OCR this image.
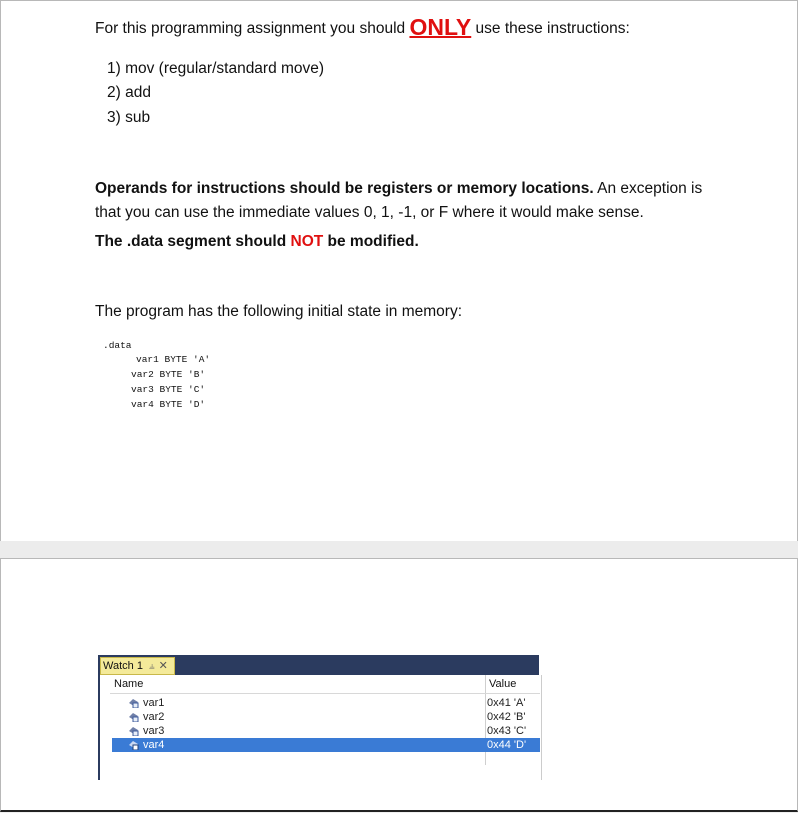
For this programming assignment you should ONLY use these instructions:
1) mov (regular/standard move)
2) add
3) sub
Operands for instructions should be registers or memory locations. An exception is that you can use the immediate values 0, 1, -1, or F where it would make sense.
The .data segment should NOT be modified.
The program has the following initial state in memory:
.data
var1 BYTE 'A'
var2 BYTE 'B'
var3 BYTE 'C'
var4 BYTE 'D'
Watch 1 ⫨ ✕
Name	Value
var1	0x41 'A'
var2	0x42 'B'
var3	0x43 'C'
var4	0x44 'D'
